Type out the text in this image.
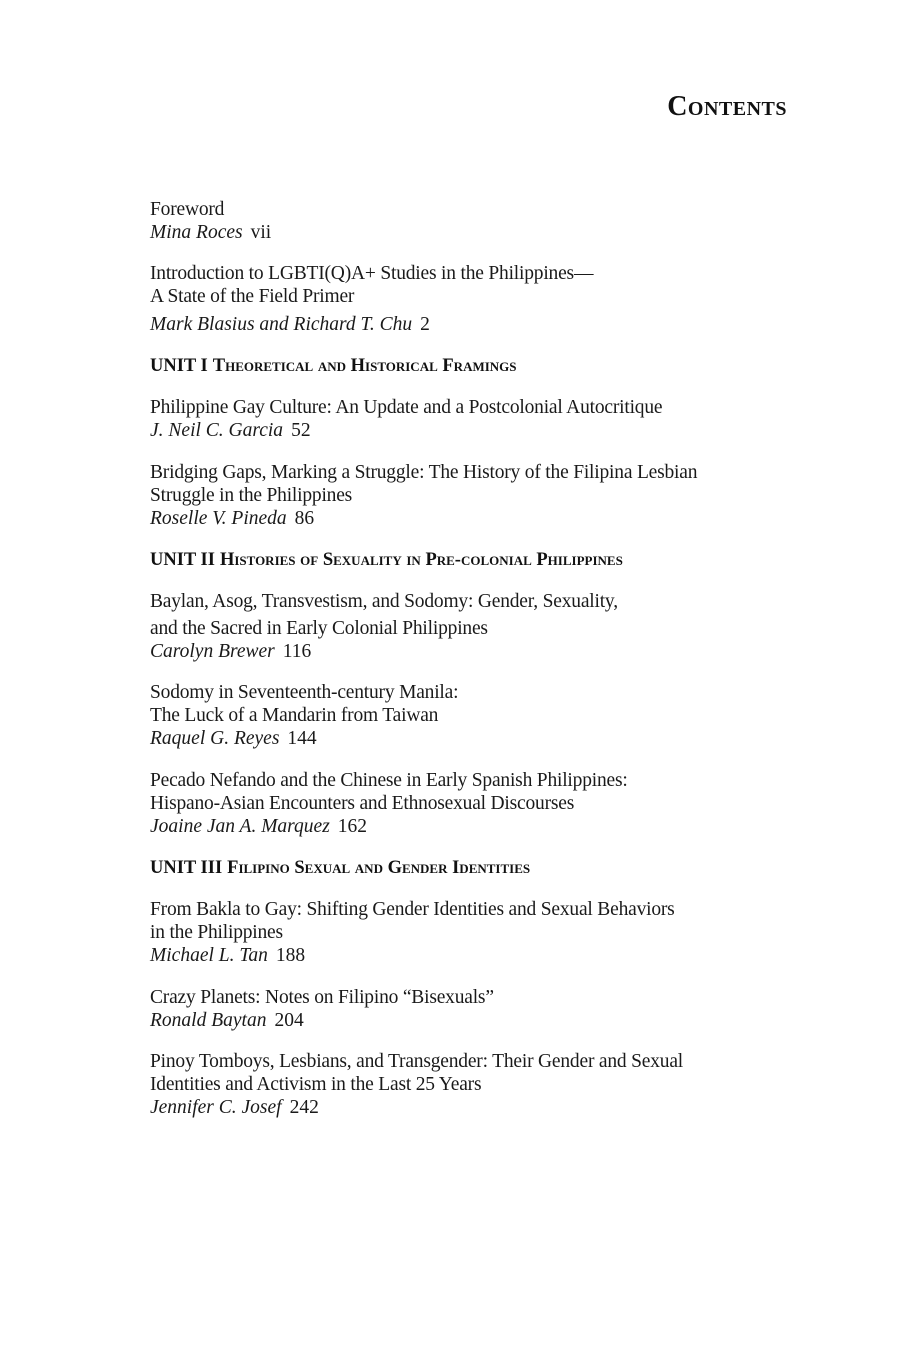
Contents
Foreword
Mina Roces vii
Introduction to LGBTI(Q)A+ Studies in the Philippines—
A State of the Field Primer
Mark Blasius and Richard T. Chu 2
UNIT I Theoretical and Historical Framings
Philippine Gay Culture: An Update and a Postcolonial Autocritique
J. Neil C. Garcia 52
Bridging Gaps, Marking a Struggle: The History of the Filipina Lesbian
Struggle in the Philippines
Roselle V. Pineda 86
UNIT II Histories of Sexuality in Pre-colonial Philippines
Baylan, Asog, Transvestism, and Sodomy: Gender, Sexuality,
and the Sacred in Early Colonial Philippines
Carolyn Brewer 116
Sodomy in Seventeenth-century Manila:
The Luck of a Mandarin from Taiwan
Raquel G. Reyes 144
Pecado Nefando and the Chinese in Early Spanish Philippines:
Hispano-Asian Encounters and Ethnosexual Discourses
Joaine Jan A. Marquez 162
UNIT III Filipino Sexual and Gender Identities
From Bakla to Gay: Shifting Gender Identities and Sexual Behaviors
in the Philippines
Michael L. Tan 188
Crazy Planets: Notes on Filipino “Bisexuals”
Ronald Baytan 204
Pinoy Tomboys, Lesbians, and Transgender: Their Gender and Sexual
Identities and Activism in the Last 25 Years
Jennifer C. Josef 242
